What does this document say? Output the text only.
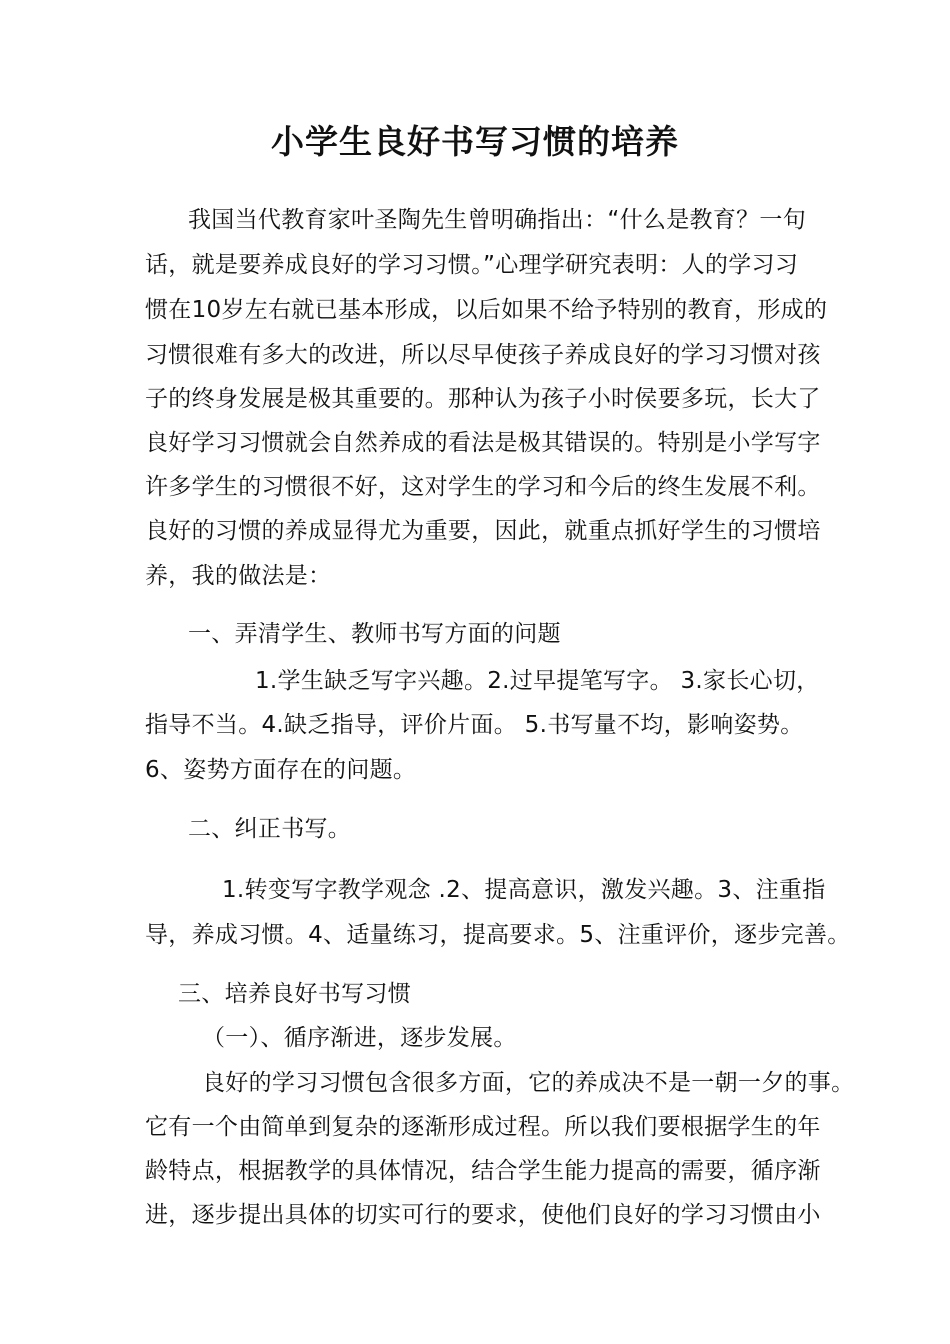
小学生良好书写习惯的培养

我国当代教育家叶圣陶先生曾明确指出：“什么是教育？一句

话，就是要养成良好的学习习惯。”心理学研究表明：人的学习习

惯在10岁左右就已基本形成，以后如果不给予特别的教育，形成的

习惯很难有多大的改进，所以尽早使孩子养成良好的学习习惯对孩

子的终身发展是极其重要的。那种认为孩子小时侯要多玩，长大了

良好学习习惯就会自然养成的看法是极其错误的。特别是小学写字

许多学生的习惯很不好，这对学生的学习和今后的终生发展不利。

良好的习惯的养成显得尤为重要，因此，就重点抓好学生的习惯培

养，我的做法是：

一、弄清学生、教师书写方面的问题

1.学生缺乏写字兴趣。2.过早提笔写字。 3.家长心切，

指导不当。4.缺乏指导，评价片面。 5.书写量不均，影响姿势。

6、姿势方面存在的问题。

二、纠正书写。

1.转变写字教学观念 .2、提高意识，激发兴趣。3、注重指

导，养成习惯。4、适量练习，提高要求。5、注重评价，逐步完善。

三、培养良好书写习惯

（一）、循序渐进，逐步发展。

良好的学习习惯包含很多方面，它的养成决不是一朝一夕的事。

它有一个由简单到复杂的逐渐形成过程。所以我们要根据学生的年

龄特点，根据教学的具体情况，结合学生能力提高的需要，循序渐

进，逐步提出具体的切实可行的要求，使他们良好的学习习惯由小
